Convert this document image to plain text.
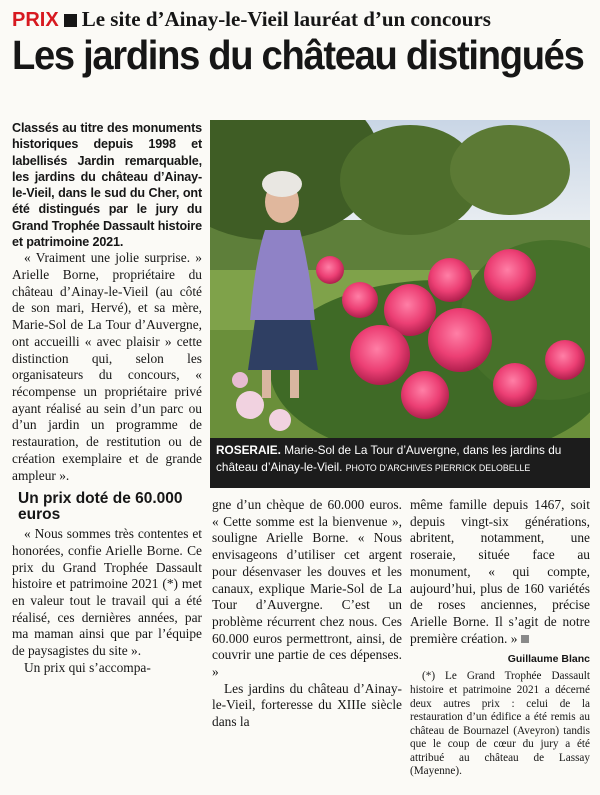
PRIX Le site d’Ainay-le-Vieil lauréat d’un concours
Les jardins du château distingués

Classés au titre des monuments historiques depuis 1998 et labellisés Jardin remarquable, les jardins du château d’Ainay-le-Vieil, dans le sud du Cher, ont été distingués par le jury du Grand Trophée Dassault histoire et patrimoine 2021.

« Vraiment une jolie surprise. » Arielle Borne, propriétaire du château d’Ainay-le-Vieil (au côté de son mari, Hervé), et sa mère, Marie-Sol de La Tour d’Auvergne, ont accueilli « avec plaisir » cette distinction qui, selon les organisateurs du concours, « récompense un propriétaire privé ayant réalisé au sein d’un parc ou d’un jardin un programme de restauration, de restitution ou de création exemplaire et de grande ampleur ».

Un prix doté de 60.000 euros

« Nous sommes très contentes et honorées, confie Arielle Borne. Ce prix du Grand Trophée Dassault histoire et patrimoine 2021 (*) met en valeur tout le travail qui a été réalisé, ces dernières années, par ma maman ainsi que par l’équipe de paysagistes du site ».

Un prix qui s’accompa-

ROSERAIE. Marie-Sol de La Tour d’Auvergne, dans les jardins du château d’Ainay-le-Vieil. PHOTO D’ARCHIVES PIERRICK DELOBELLE

gne d’un chèque de 60.000 euros. « Cette somme est la bienvenue », souligne Arielle Borne. « Nous envisageons d’utiliser cet argent pour désenvaser les douves et les canaux, explique Marie-Sol de La Tour d’Auvergne. C’est un problème récurrent chez nous. Ces 60.000 euros permettront, ainsi, de couvrir une partie de ces dépenses. »

Les jardins du château d’Ainay-le-Vieil, forteresse du XIIIe siècle dans la

même famille depuis 1467, soit depuis vingt-six générations, abritent, notamment, une roseraie, située face au monument, « qui compte, aujourd’hui, plus de 160 variétés de roses anciennes, précise Arielle Borne. Il s’agit de notre première création. »

Guillaume Blanc

(*) Le Grand Trophée Dassault histoire et patrimoine 2021 a décerné deux autres prix : celui de la restauration d’un édifice a été remis au château de Bournazel (Aveyron) tandis que le coup de cœur du jury a été attribué au château de Lassay (Mayenne).
